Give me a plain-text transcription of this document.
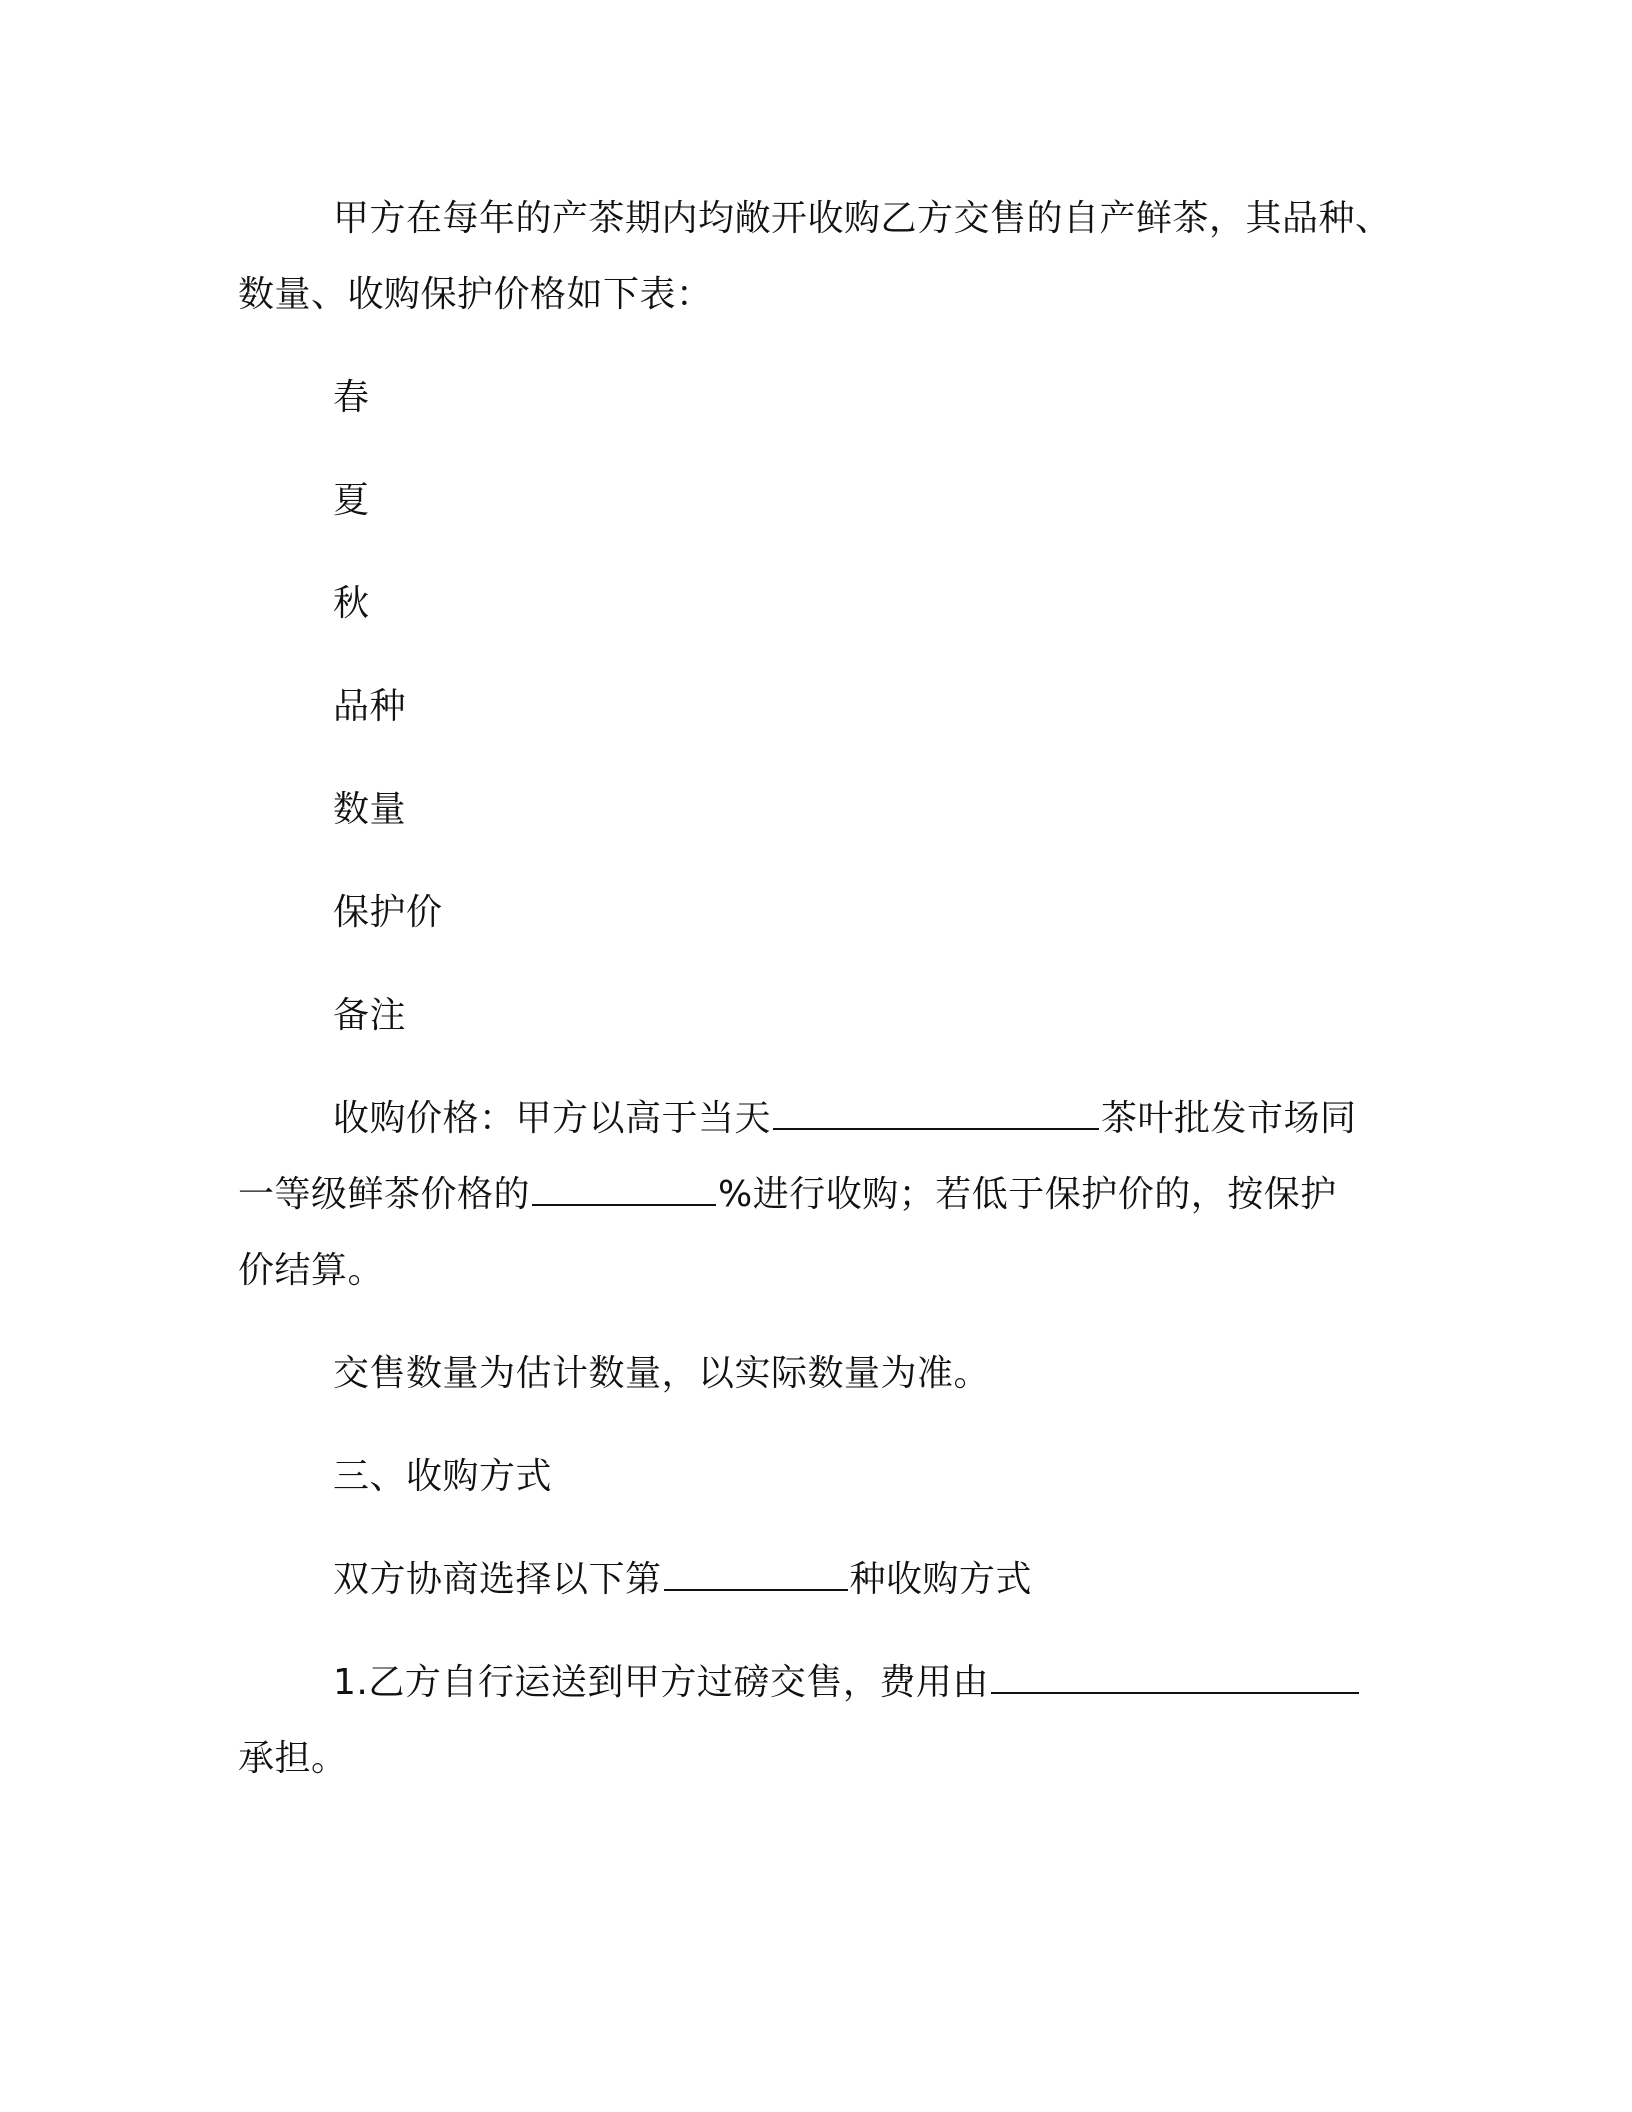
甲方在每年的产茶期内均敞开收购乙方交售的自产鲜茶，其品种、
数量、收购保护价格如下表：
春
夏
秋
品种
数量
保护价
备注
收购价格：甲方以高于当天	茶叶批发市场同
一等级鲜茶价格的	%进行收购；若低于保护价的，按保护
价结算。
交售数量为估计数量，以实际数量为准。
三、收购方式
双方协商选择以下第	种收购方式
1.乙方自行运送到甲方过磅交售，费用由
承担。
